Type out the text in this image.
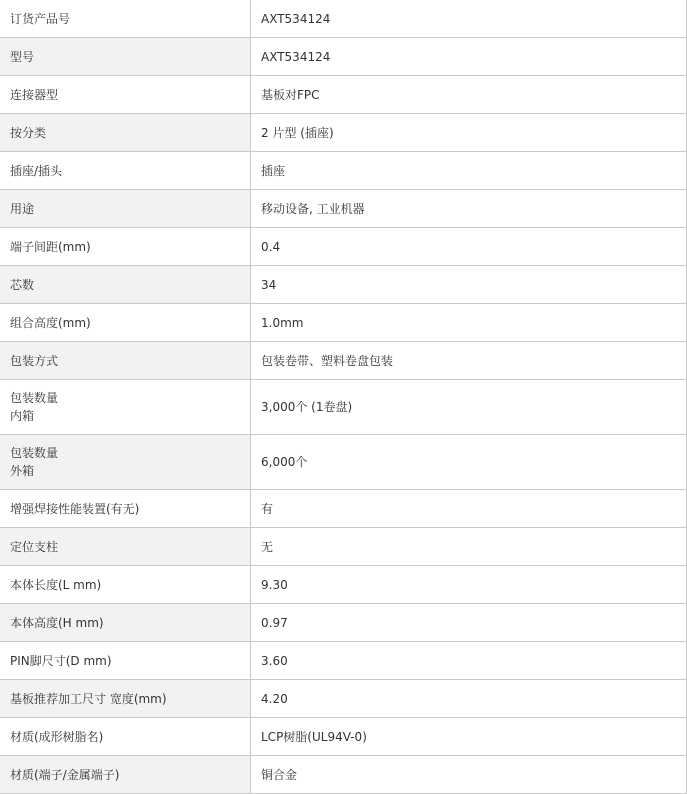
订货产品号	AXT534124

型号	AXT534124

连接器型	基板对FPC

按分类	2 片型 (插座)

插座/插头	插座

用途	移动设备, 工业机器

端子间距(mm)	0.4

芯数	34

组合高度(mm)	1.0mm

包装方式	包装卷带、塑料卷盘包装

包装数量
内箱	3,000个 (1卷盘)

包装数量
外箱	6,000个

增强焊接性能装置(有无)	有

定位支柱	无

本体长度(L mm)	9.30

本体高度(H mm)	0.97

PIN脚尺寸(D mm)	3.60

基板推荐加工尺寸 宽度(mm)	4.20

材质(成形树脂名)	LCP树脂(UL94V-0)

材质(端子/金属端子)	铜合金
